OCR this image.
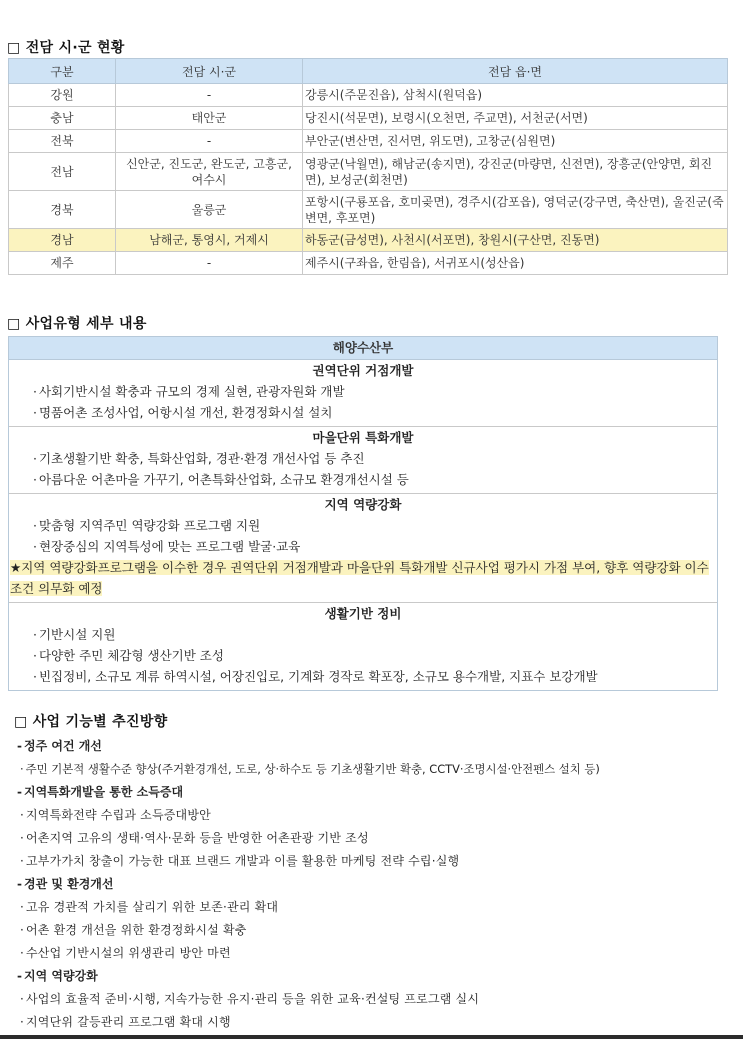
□ 전담 시·군 현황
구분	전담 시·군	전담 읍·면
강원	-	강릉시(주문진읍), 삼척시(원덕읍)
충남	태안군	당진시(석문면), 보령시(오천면, 주교면), 서천군(서면)
전북	-	부안군(변산면, 진서면, 위도면), 고창군(심원면)
전남	신안군, 진도군, 완도군, 고흥군, 여수시	영광군(낙월면), 해남군(송지면), 강진군(마량면, 신전면), 장흥군(안양면, 회진면), 보성군(회천면)
경북	울릉군	포항시(구룡포읍, 호미곶면), 경주시(감포읍), 영덕군(강구면, 축산면), 울진군(죽변면, 후포면)
경남	남해군, 통영시, 거제시	하동군(금성면), 사천시(서포면), 창원시(구산면, 진동면)
제주	-	제주시(구좌읍, 한림읍), 서귀포시(성산읍)
□ 사업유형 세부 내용
해양수산부
권역단위 거점개발
· 사회기반시설 확충과 규모의 경제 실현, 관광자원화 개발
· 명품어촌 조성사업, 어항시설 개선, 환경정화시설 설치
마을단위 특화개발
· 기초생활기반 확충, 특화산업화, 경관·환경 개선사업 등 추진
· 아름다운 어촌마을 가꾸기, 어촌특화산업화, 소규모 환경개선시설 등
지역 역량강화
· 맞춤형 지역주민 역량강화 프로그램 지원
· 현장중심의 지역특성에 맞는 프로그램 발굴·교육
★지역 역량강화프로그램을 이수한 경우 권역단위 거점개발과 마을단위 특화개발 신규사업 평가시 가점 부여, 향후 역량강화 이수조건 의무화 예정
생활기반 정비
· 기반시설 지원
· 다양한 주민 체감형 생산기반 조성
· 빈집정비, 소규모 계류 하역시설, 어장진입로, 기계화 경작로 확포장, 소규모 용수개발, 지표수 보강개발
□ 사업 기능별 추진방향
- 정주 여건 개선
· 주민 기본적 생활수준 향상(주거환경개선, 도로, 상·하수도 등 기초생활기반 확충, CCTV·조명시설·안전펜스 설치 등)
- 지역특화개발을 통한 소득증대
· 지역특화전략 수립과 소득증대방안
· 어촌지역 고유의 생태·역사·문화 등을 반영한 어촌관광 기반 조성
· 고부가가치 창출이 가능한 대표 브랜드 개발과 이를 활용한 마케팅 전략 수립·실행
- 경관 및 환경개선
· 고유 경관적 가치를 살리기 위한 보존·관리 확대
· 어촌 환경 개선을 위한 환경정화시설 확충
· 수산업 기반시설의 위생관리 방안 마련
- 지역 역량강화
· 사업의 효율적 준비·시행, 지속가능한 유지·관리 등을 위한 교육·컨설팅 프로그램 실시
· 지역단위 갈등관리 프로그램 확대 시행
